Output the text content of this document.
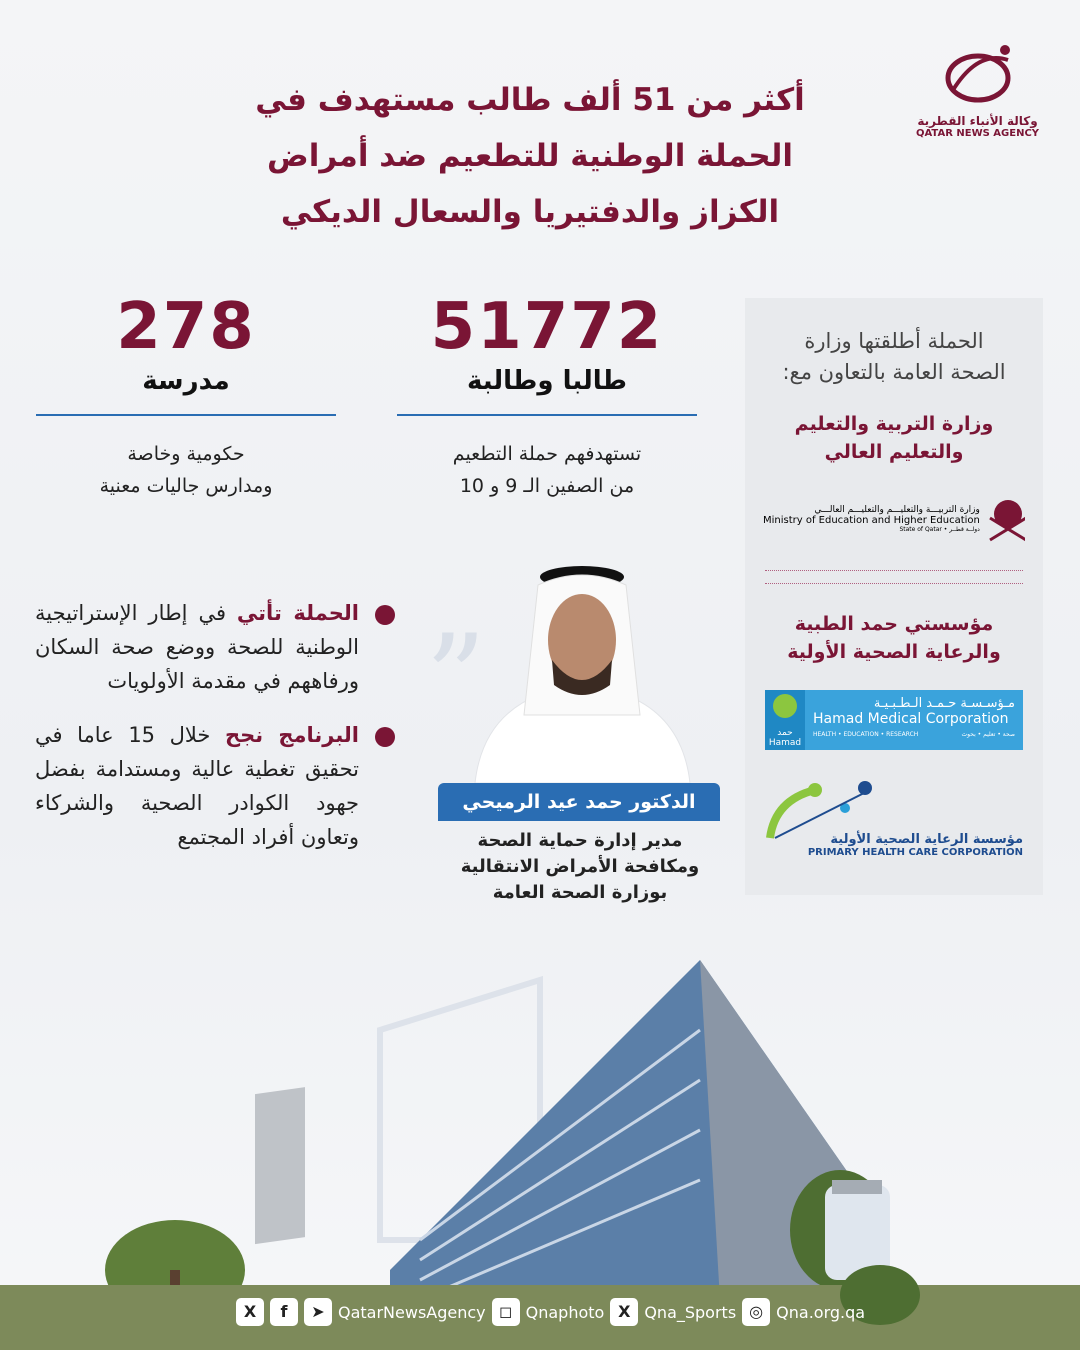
وكالة الأنباء القطرية
QATAR NEWS AGENCY
أكثر من 51 ألف طالب مستهدف في
الحملة الوطنية للتطعيم ضد أمراض
الكزاز والدفتيريا والسعال الديكي
51772
طالبا وطالبة
تستهدفهم حملة التطعيم
من الصفين الـ 9 و 10
278
مدرسة
حكومية وخاصة
ومدارس جاليات معنية
الحملة أطلقتها وزارة
الصحة العامة بالتعاون مع:
وزارة التربية والتعليم
والتعليم العالي
وزارة التربيـــة والتعليـــم والتعليـــم العالـــي
Ministry of Education and Higher Education
State of Qatar • دولــة قطــر
مؤسستي حمد الطبية
والرعاية الصحية الأولية
حمد
Hamad
مـؤسـسـة حـمـد الـطـبـيـة
Hamad Medical Corporation
HEALTH • EDUCATION • RESEARCH	صحة • تعليم • بحوث
مؤسسة الرعاية الصحية الأولية
PRIMARY HEALTH CARE CORPORATION
الحملة تأتي في إطار الإستراتيجية الوطنية للصحة ووضع صحة السكان ورفاههم في مقدمة الأولويات
البرنامج نجح خلال 15 عاما في تحقيق تغطية عالية ومستدامة بفضل جهود الكوادر الصحية والشركاء وتعاون أفراد المجتمع
”
الدكتور حمد عيد الرميحي
مدير إدارة حماية الصحة
ومكافحة الأمراض الانتقالية
بوزارة الصحة العامة
X	f	➤ QatarNewsAgency ◻ Qnaphoto X Qna_Sports ◎ Qna.org.qa
